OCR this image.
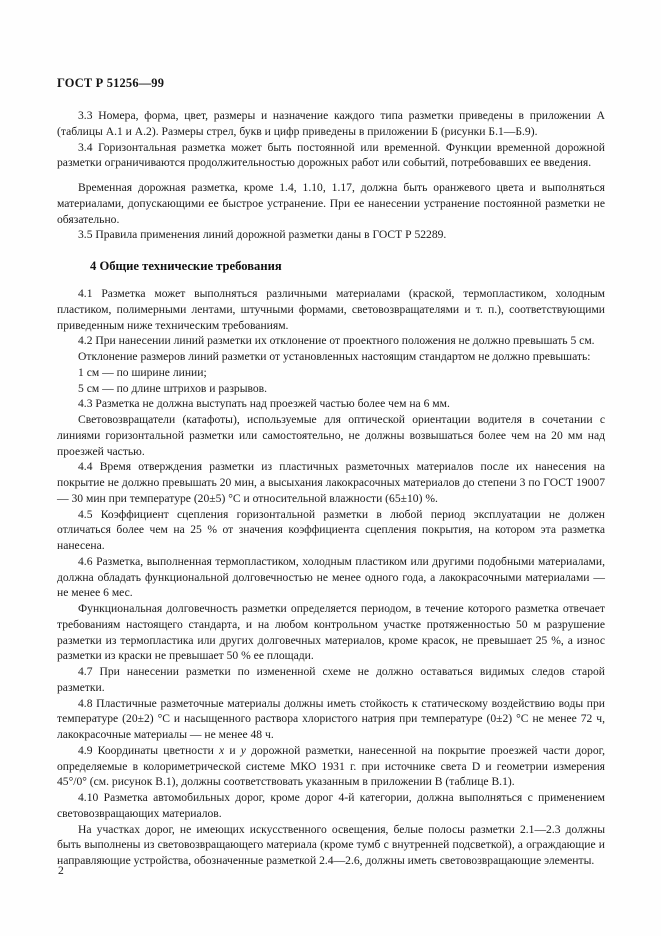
ГОСТ Р 51256—99

3.3 Номера, форма, цвет, размеры и назначение каждого типа разметки приведены в приложении А (таблицы А.1 и А.2). Размеры стрел, букв и цифр приведены в приложении Б (рисунки Б.1—Б.9).

3.4 Горизонтальная разметка может быть постоянной или временной. Функции временной дорожной разметки ограничиваются продолжительностью дорожных работ или событий, потребовавших ее введения.

Временная дорожная разметка, кроме 1.4, 1.10, 1.17, должна быть оранжевого цвета и выполняться материалами, допускающими ее быстрое устранение. При ее нанесении устранение постоянной разметки не обязательно.

3.5 Правила применения линий дорожной разметки даны в ГОСТ Р 52289.

4 Общие технические требования

4.1 Разметка может выполняться различными материалами (краской, термопластиком, холодным пластиком, полимерными лентами, штучными формами, световозвращателями и т. п.), соответствующими приведенным ниже техническим требованиям.

4.2 При нанесении линий разметки их отклонение от проектного положения не должно превышать 5 см.

Отклонение размеров линий разметки от установленных настоящим стандартом не должно превышать:

1 см — по ширине линии;

5 см — по длине штрихов и разрывов.

4.3 Разметка не должна выступать над проезжей частью более чем на 6 мм.

Световозвращатели (катафоты), используемые для оптической ориентации водителя в сочетании с линиями горизонтальной разметки или самостоятельно, не должны возвышаться более чем на 20 мм над проезжей частью.

4.4 Время отверждения разметки из пластичных разметочных материалов после их нанесения на покрытие не должно превышать 20 мин, а высыхания лакокрасочных материалов до степени 3 по ГОСТ 19007 — 30 мин при температуре (20±5) °С и относительной влажности (65±10) %.

4.5 Коэффициент сцепления горизонтальной разметки в любой период эксплуатации не должен отличаться более чем на 25 % от значения коэффициента сцепления покрытия, на котором эта разметка нанесена.

4.6 Разметка, выполненная термопластиком, холодным пластиком или другими подобными материалами, должна обладать функциональной долговечностью не менее одного года, а лакокрасочными материалами — не менее 6 мес.

Функциональная долговечность разметки определяется периодом, в течение которого разметка отвечает требованиям настоящего стандарта, и на любом контрольном участке протяженностью 50 м разрушение разметки из термопластика или других долговечных материалов, кроме красок, не превышает 25 %, а износ разметки из краски не превышает 50 % ее площади.

4.7 При нанесении разметки по измененной схеме не должно оставаться видимых следов старой разметки.

4.8 Пластичные разметочные материалы должны иметь стойкость к статическому воздействию воды при температуре (20±2) °С и насыщенного раствора хлористого натрия при температуре (0±2) °С не менее 72 ч, лакокрасочные материалы — не менее 48 ч.

4.9 Координаты цветности x и y дорожной разметки, нанесенной на покрытие проезжей части дорог, определяемые в колориметрической системе МКО 1931 г. при источнике света D и геометрии измерения 45°/0° (см. рисунок В.1), должны соответствовать указанным в приложении В (таблице В.1).

4.10 Разметка автомобильных дорог, кроме дорог 4-й категории, должна выполняться с применением световозвращающих материалов.

На участках дорог, не имеющих искусственного освещения, белые полосы разметки 2.1—2.3 должны быть выполнены из световозвращающего материала (кроме тумб с внутренней подсветкой), а ограждающие и направляющие устройства, обозначенные разметкой 2.4—2.6, должны иметь световозвращающие элементы.

2
